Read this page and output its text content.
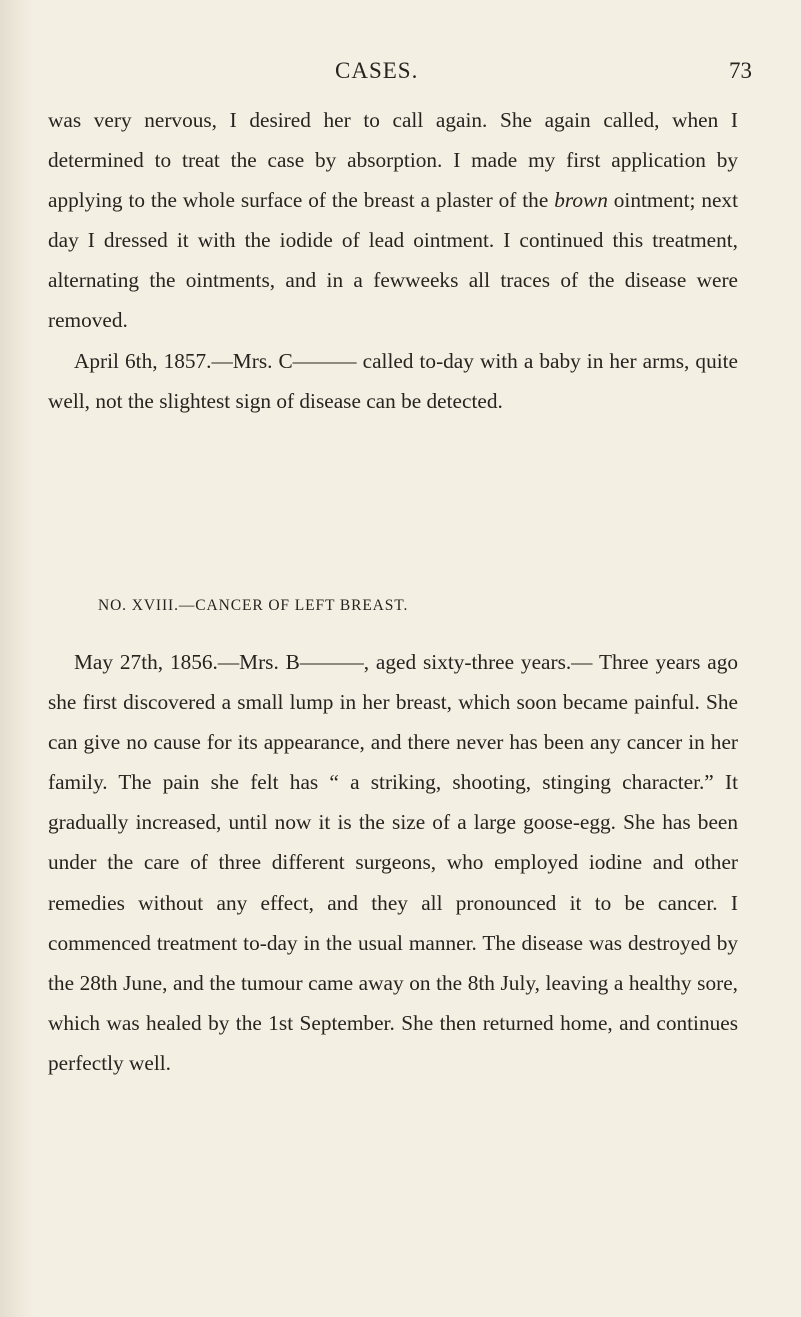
CASES.	73

was very nervous, I desired her to call again. She again called, when I determined to treat the case by absorption. I made my first application by applying to the whole surface of the breast a plaster of the brown ointment; next day I dressed it with the iodide of lead ointment. I continued this treatment, alternating the ointments, and in a fewweeks all traces of the disease were removed.

April 6th, 1857.—Mrs. C——— called to-day with a baby in her arms, quite well, not the slightest sign of disease can be detected.

NO. XVIII.—CANCER OF LEFT BREAST.

May 27th, 1856.—Mrs. B———, aged sixty-three years.— Three years ago she first discovered a small lump in her breast, which soon became painful. She can give no cause for its appearance, and there never has been any cancer in her family. The pain she felt has “ a striking, shooting, stinging character.” It gradually increased, until now it is the size of a large goose-egg. She has been under the care of three different surgeons, who employed iodine and other remedies without any effect, and they all pronounced it to be cancer. I commenced treatment to-day in the usual manner. The disease was destroyed by the 28th June, and the tumour came away on the 8th July, leaving a healthy sore, which was healed by the 1st September. She then returned home, and continues perfectly well.
